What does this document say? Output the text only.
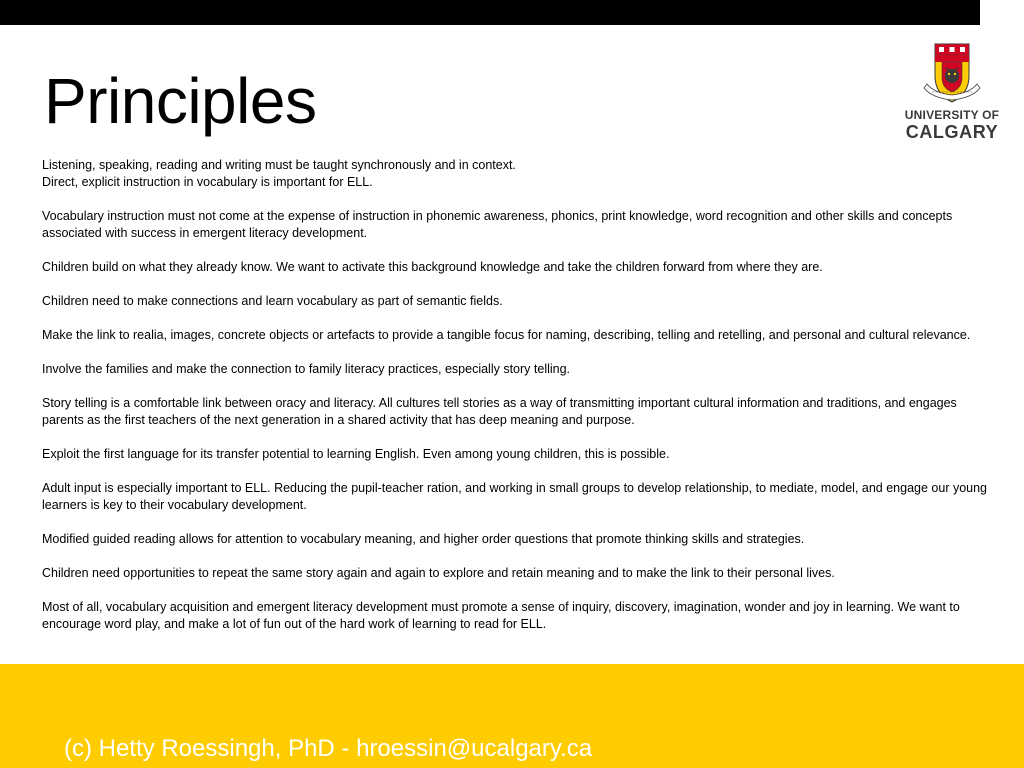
Principles	UNIVERSITY OF
CALGARY

Listening, speaking, reading and writing must be taught synchronously and in context.
Direct, explicit instruction in vocabulary is important for ELL.

Vocabulary instruction must not come at the expense of instruction in phonemic awareness, phonics, print knowledge, word recognition and other skills and concepts associated with success in emergent literacy development.

Children build on what they already know. We want to activate this background knowledge and take the children forward from where they are.

Children need to make connections and learn vocabulary as part of semantic fields.

Make the link to realia, images, concrete objects or artefacts to provide a tangible focus for naming, describing, telling and retelling, and personal and cultural relevance.

Involve the families and make the connection to family literacy practices, especially story telling.

Story telling is a comfortable link between oracy and literacy. All cultures tell stories as a way of transmitting important cultural information and traditions, and engages parents as the first teachers of the next generation in a shared activity that has deep meaning and purpose.

Exploit the first language for its transfer potential to learning English. Even among young children, this is possible.

Adult input is especially important to ELL. Reducing the pupil-teacher ration, and working in small groups to develop relationship, to mediate, model, and engage our young learners is key to their vocabulary development.

Modified guided reading allows for attention to vocabulary meaning, and higher order questions that promote thinking skills and strategies.

Children need opportunities to repeat the same story again and again to explore and retain meaning and to make the link to their personal lives.

Most of all, vocabulary acquisition and emergent literacy development must promote a sense of inquiry, discovery, imagination, wonder and joy in learning. We want to encourage word play, and make a lot of fun out of the hard work of learning to read for ELL.

(c) Hetty Roessingh, PhD - hroessin@ucalgary.ca
